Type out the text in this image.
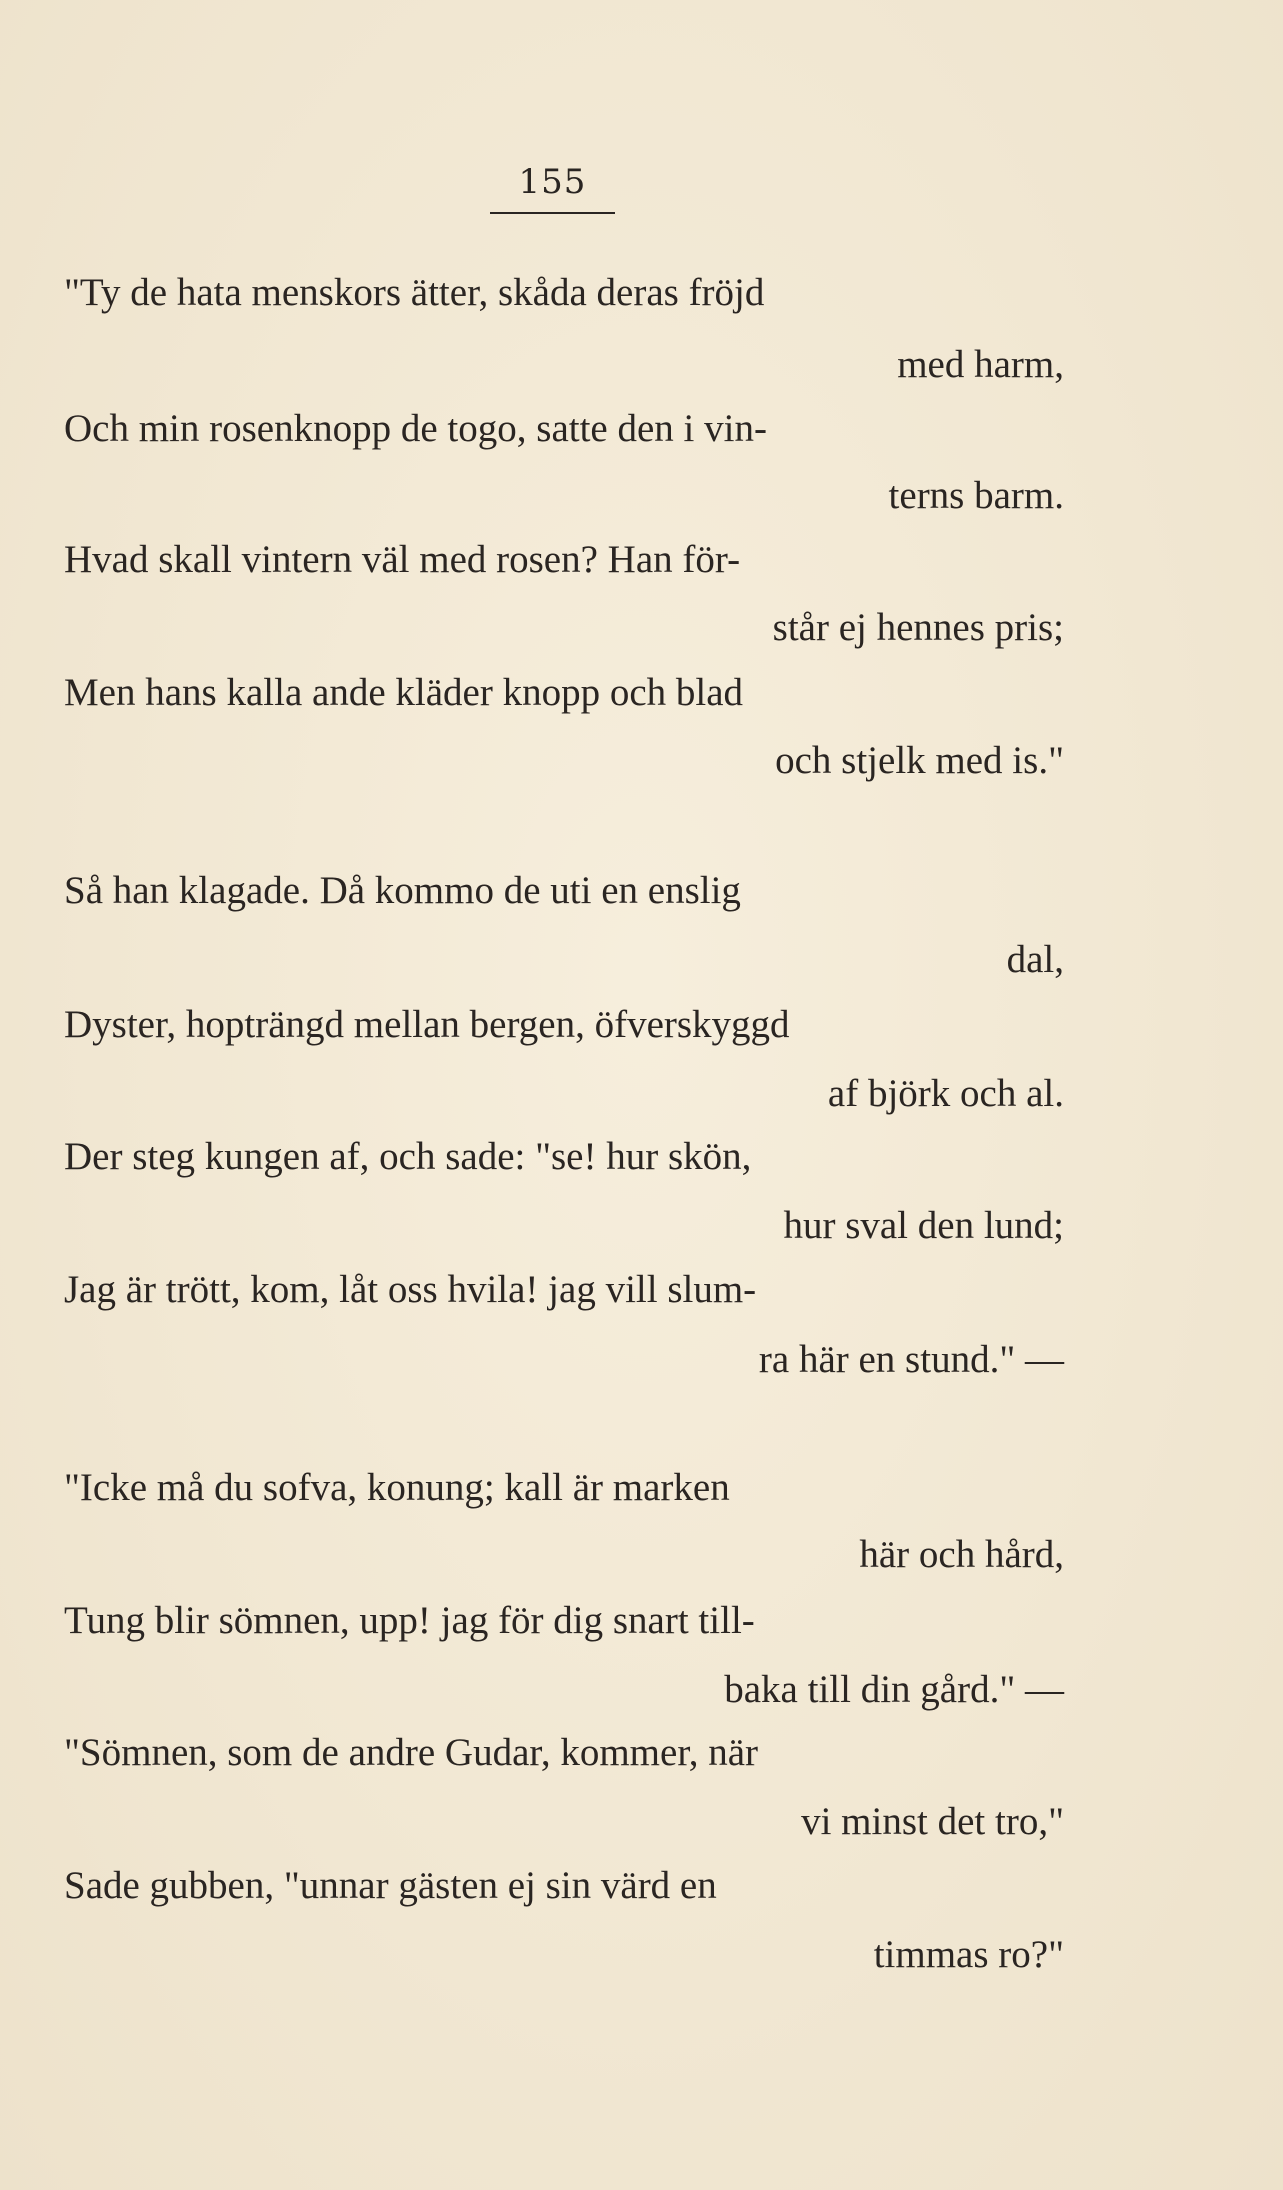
155
"Ty de hata menskors ätter, skåda deras fröjd
med harm,
Och min rosenknopp de togo, satte den i vin-
terns barm.
Hvad skall vintern väl med rosen? Han för-
står ej hennes pris;
Men hans kalla ande kläder knopp och blad
och stjelk med is."
Så han klagade. Då kommo de uti en enslig
dal,
Dyster, hopträngd mellan bergen, öfverskyggd
af björk och al.
Der steg kungen af, och sade: "se! hur skön,
hur sval den lund;
Jag är trött, kom, låt oss hvila! jag vill slum-
ra här en stund." —
"Icke må du sofva, konung; kall är marken
här och hård,
Tung blir sömnen, upp! jag för dig snart till-
baka till din gård." —
"Sömnen, som de andre Gudar, kommer, när
vi minst det tro,"
Sade gubben, "unnar gästen ej sin värd en
timmas ro?"
